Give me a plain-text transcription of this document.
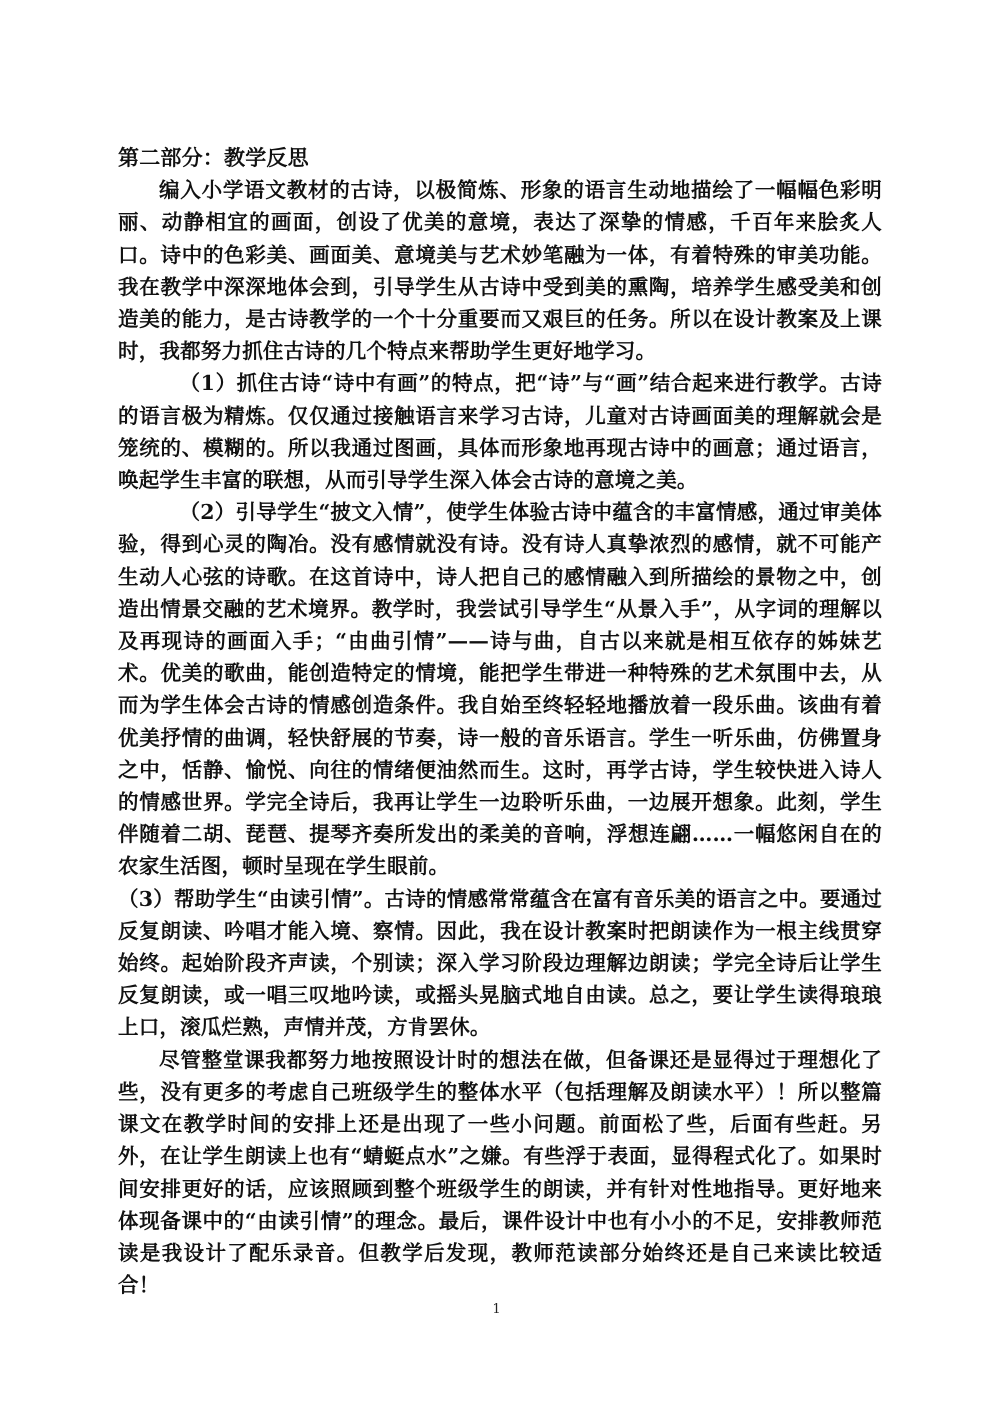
第二部分：教学反思

编入小学语文教材的古诗，以极简炼、形象的语言生动地描绘了一幅幅色彩明丽、动静相宜的画面，创设了优美的意境，表达了深挚的情感，千百年来脍炙人口。诗中的色彩美、画面美、意境美与艺术妙笔融为一体，有着特殊的审美功能。我在教学中深深地体会到，引导学生从古诗中受到美的熏陶，培养学生感受美和创造美的能力，是古诗教学的一个十分重要而又艰巨的任务。所以在设计教案及上课时，我都努力抓住古诗的几个特点来帮助学生更好地学习。

（1）抓住古诗“诗中有画”的特点，把“诗”与“画”结合起来进行教学。古诗的语言极为精炼。仅仅通过接触语言来学习古诗，儿童对古诗画面美的理解就会是笼统的、模糊的。所以我通过图画，具体而形象地再现古诗中的画意；通过语言，唤起学生丰富的联想，从而引导学生深入体会古诗的意境之美。

（2）引导学生“披文入情”，使学生体验古诗中蕴含的丰富情感，通过审美体验，得到心灵的陶冶。没有感情就没有诗。没有诗人真挚浓烈的感情，就不可能产生动人心弦的诗歌。在这首诗中，诗人把自己的感情融入到所描绘的景物之中，创造出情景交融的艺术境界。教学时，我尝试引导学生“从景入手”，从字词的理解以及再现诗的画面入手；“由曲引情”——诗与曲，自古以来就是相互依存的姊妹艺术。优美的歌曲，能创造特定的情境，能把学生带进一种特殊的艺术氛围中去，从而为学生体会古诗的情感创造条件。我自始至终轻轻地播放着一段乐曲。该曲有着优美抒情的曲调，轻快舒展的节奏，诗一般的音乐语言。学生一听乐曲，仿佛置身之中，恬静、愉悦、向往的情绪便油然而生。这时，再学古诗，学生较快进入诗人的情感世界。学完全诗后，我再让学生一边聆听乐曲，一边展开想象。此刻，学生伴随着二胡、琵琶、提琴齐奏所发出的柔美的音响，浮想连翩……一幅悠闲自在的农家生活图，顿时呈现在学生眼前。

（3）帮助学生“由读引情”。古诗的情感常常蕴含在富有音乐美的语言之中。要通过反复朗读、吟唱才能入境、察情。因此，我在设计教案时把朗读作为一根主线贯穿始终。起始阶段齐声读，个别读；深入学习阶段边理解边朗读；学完全诗后让学生反复朗读，或一唱三叹地吟读，或摇头晃脑式地自由读。总之，要让学生读得琅琅上口，滚瓜烂熟，声情并茂，方肯罢休。

尽管整堂课我都努力地按照设计时的想法在做，但备课还是显得过于理想化了些，没有更多的考虑自己班级学生的整体水平（包括理解及朗读水平）！所以整篇课文在教学时间的安排上还是出现了一些小问题。前面松了些，后面有些赶。另外，在让学生朗读上也有“蜻蜓点水”之嫌。有些浮于表面，显得程式化了。如果时间安排更好的话，应该照顾到整个班级学生的朗读，并有针对性地指导。更好地来体现备课中的“由读引情”的理念。最后，课件设计中也有小小的不足，安排教师范读是我设计了配乐录音。但教学后发现，教师范读部分始终还是自己来读比较适合！

1
